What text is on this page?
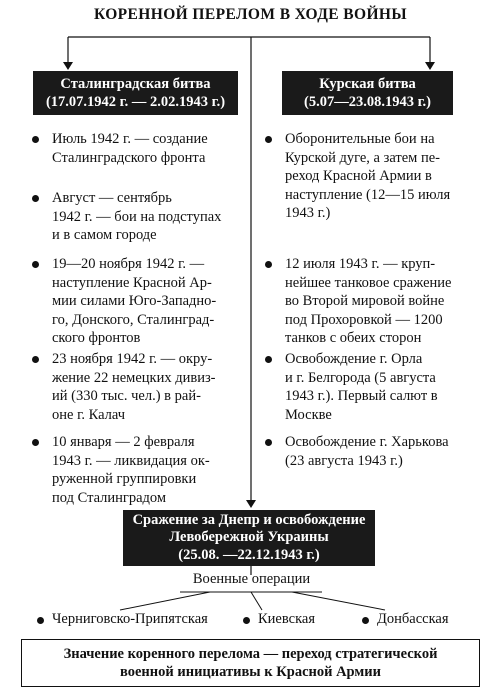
КОРЕННОЙ ПЕРЕЛОМ В ХОДЕ ВОЙНЫ
Сталинградская битва
(17.07.1942 г. — 2.02.1943 г.)
Курская битва
(5.07—23.08.1943 г.)
Июль 1942 г. — создание
Сталинградского фронта
Август — сентябрь
1942 г. — бои на подступах
и в самом городе
19—20 ноября 1942 г. —
наступление Красной Ар-
мии силами Юго-Западно-
го, Донского, Сталинград-
ского фронтов
23 ноября 1942 г. — окру-
жение 22 немецких дивиз-
ий (330 тыс. чел.) в рай-
оне г. Калач
10 января — 2 февраля
1943 г. — ликвидация ок-
руженной группировки
под Сталинградом
Оборонительные бои на
Курской дуге, а затем пе-
реход Красной Армии в
наступление (12—15 июля
1943 г.)
12 июля 1943 г. — круп-
нейшее танковое сражение
во Второй мировой войне
под Прохоровкой — 1200
танков с обеих сторон
Освобождение г. Орла
и г. Белгорода (5 августа
1943 г.). Первый салют в
Москве
Освобождение г. Харькова
(23 августа 1943 г.)
Сражение за Днепр и освобождение
Левобережной Украины
(25.08. —22.12.1943 г.)
Военные операции
Черниговско-Припятская	Киевская	Донбасская
Значение коренного перелома — переход стратегической
военной инициативы к Красной Армии
